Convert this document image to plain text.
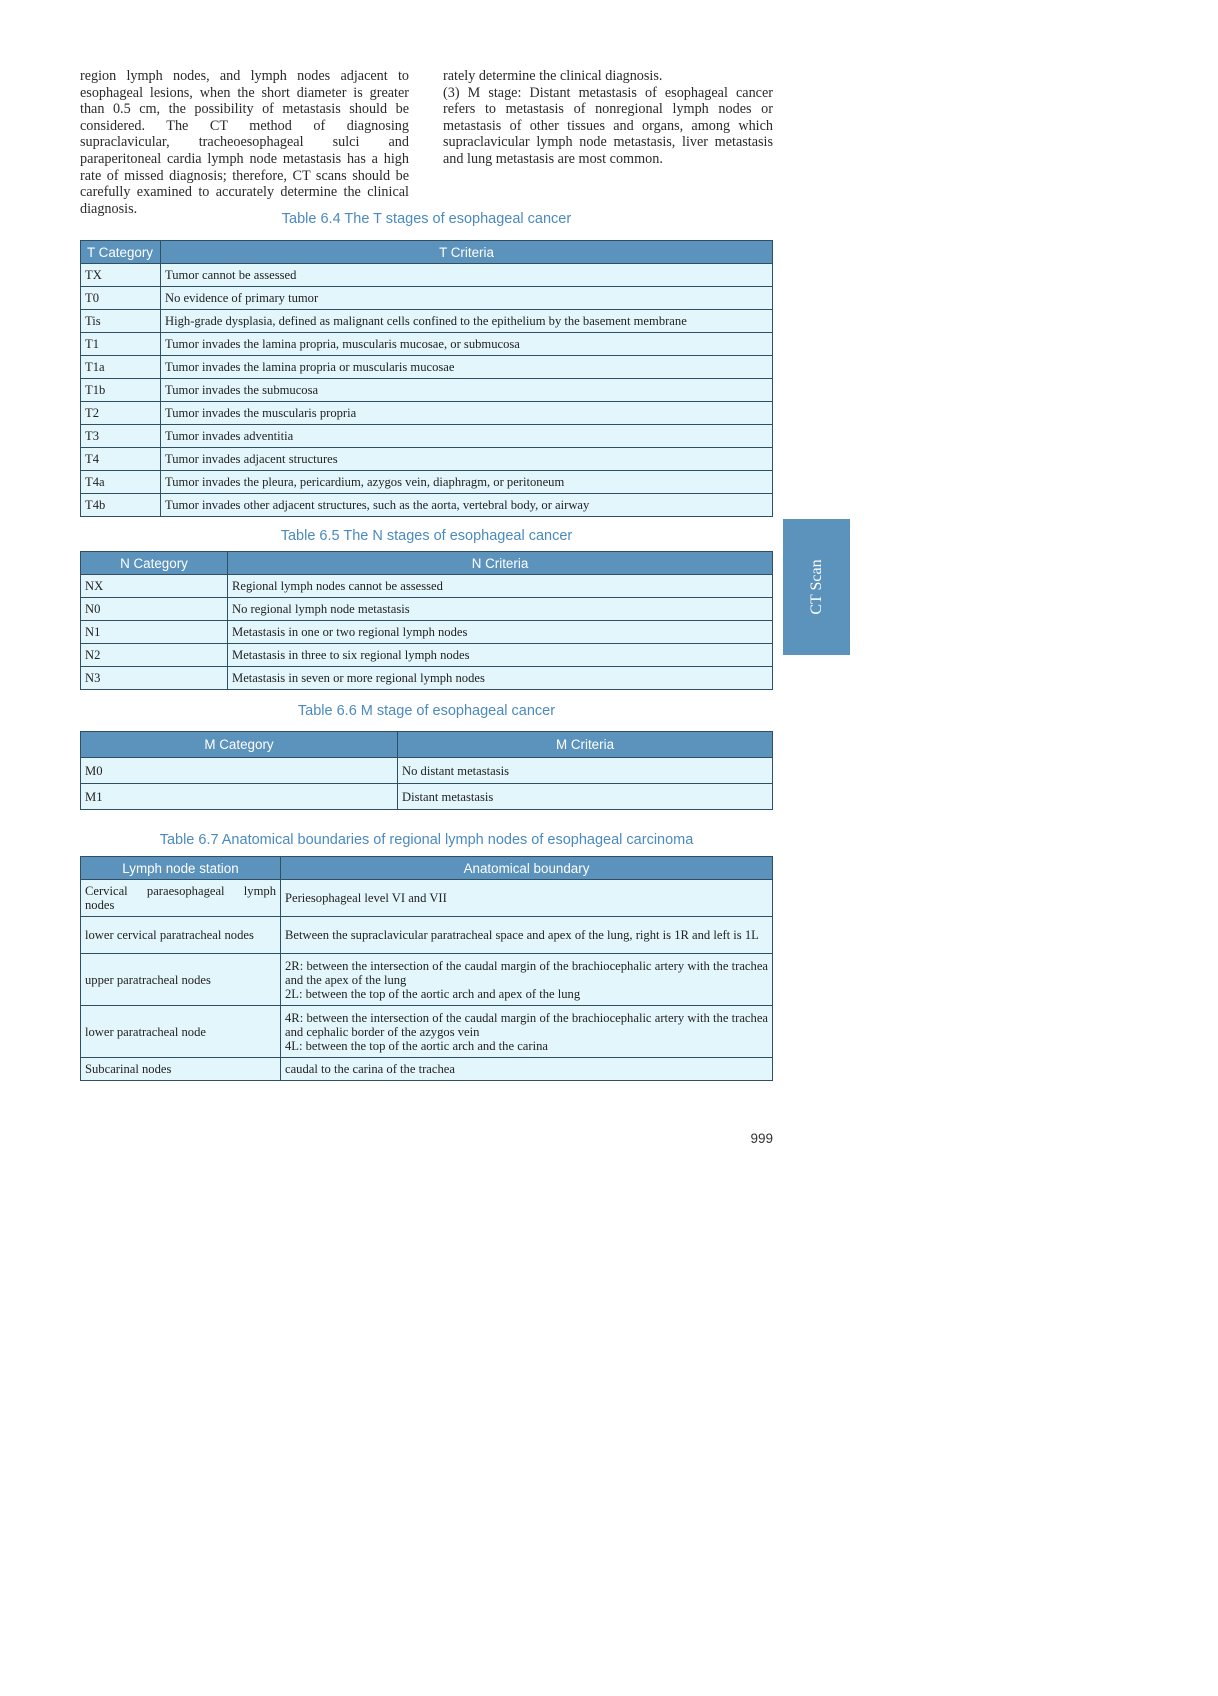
region lymph nodes, and lymph nodes adjacent to esophageal lesions, when the short diameter is greater than 0.5 cm, the possibility of metastasis should be considered. The CT method of diagnosing supraclavicular, tracheoesophageal sulci and paraperitoneal cardia lymph node metastasis has a high rate of missed diagnosis; therefore, CT scans should be carefully examined to accurately determine the clinical diagnosis.

rately determine the clinical diagnosis.

(3) M stage: Distant metastasis of esophageal cancer refers to metastasis of nonregional lymph nodes or metastasis of other tissues and organs, among which supraclavicular lymph node metastasis, liver metastasis and lung metastasis are most common.

Table 6.4 The T stages of esophageal cancer
T Category	T Criteria
TX	Tumor cannot be assessed
T0	No evidence of primary tumor
Tis	High-grade dysplasia, defined as malignant cells confined to the epithelium by the basement membrane
T1	Tumor invades the lamina propria, muscularis mucosae, or submucosa
T1a	Tumor invades the lamina propria or muscularis mucosae
T1b	Tumor invades the submucosa
T2	Tumor invades the muscularis propria
T3	Tumor invades adventitia
T4	Tumor invades adjacent structures
T4a	Tumor invades the pleura, pericardium, azygos vein, diaphragm, or peritoneum
T4b	Tumor invades other adjacent structures, such as the aorta, vertebral body, or airway
Table 6.5 The N stages of esophageal cancer
N Category	N Criteria
NX	Regional lymph nodes cannot be assessed
N0	No regional lymph node metastasis
N1	Metastasis in one or two regional lymph nodes
N2	Metastasis in three to six regional lymph nodes
N3	Metastasis in seven or more regional lymph nodes
Table 6.6 M stage of esophageal cancer
M Category	M Criteria
M0	No distant metastasis
M1	Distant metastasis
Table 6.7 Anatomical boundaries of regional lymph nodes of esophageal carcinoma
Lymph node station	Anatomical boundary
Cervical paraesophageal lymph nodes	Periesophageal level VI and VII

lower cervical paratracheal nodes	Between the supraclavicular paratracheal space and apex of the lung, right is 1R and left is 1L

upper paratracheal nodes	2R: between the intersection of the caudal margin of the brachiocephalic artery with the trachea and the apex of the lung
2L: between the top of the aortic arch and apex of the lung

lower paratracheal node	4R: between the intersection of the caudal margin of the brachiocephalic artery with the trachea and cephalic border of the azygos vein
4L: between the top of the aortic arch and the carina

Subcarinal nodes	caudal to the carina of the trachea
CT Scan
999
